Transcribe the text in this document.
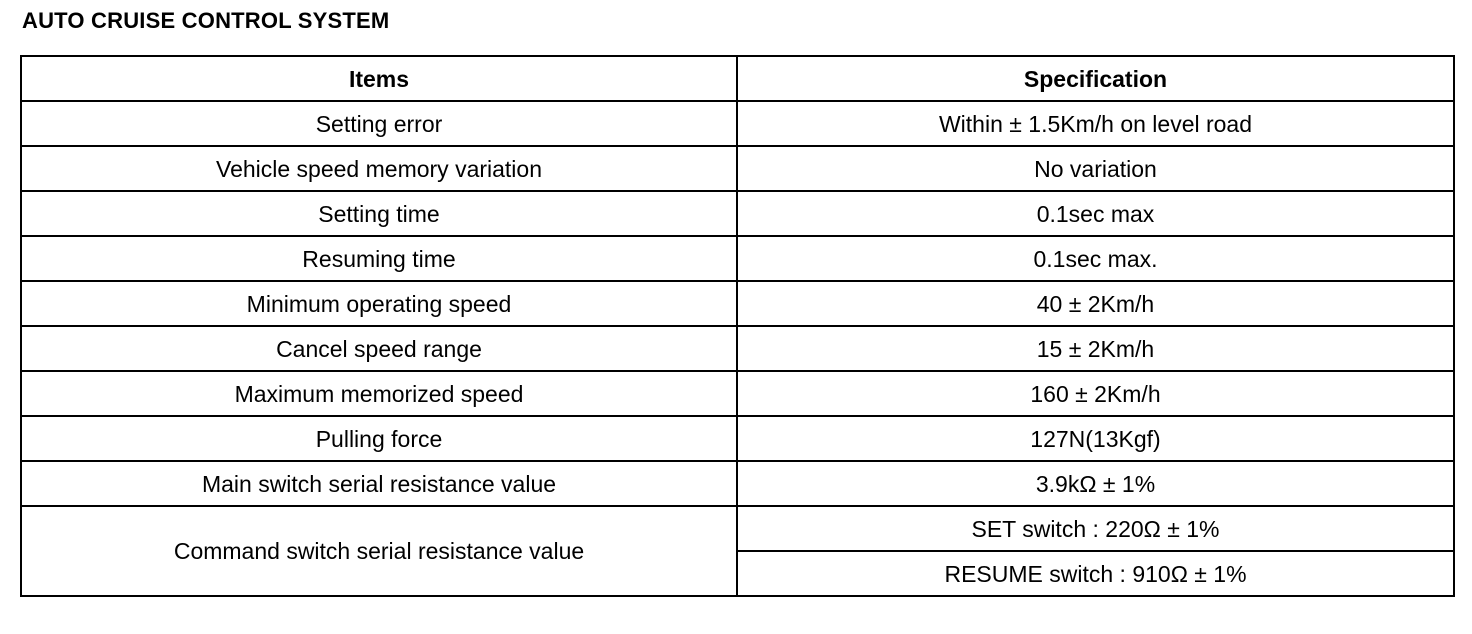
AUTO CRUISE CONTROL SYSTEM
Items	Specification
Setting error	Within ± 1.5Km/h on level road
Vehicle speed memory variation	No variation
Setting time	0.1sec max
Resuming time	0.1sec max.
Minimum operating speed	40 ± 2Km/h
Cancel speed range	15 ± 2Km/h
Maximum memorized speed	160 ± 2Km/h
Pulling force	127N(13Kgf)
Main switch serial resistance value	3.9kΩ ± 1%
Command switch serial resistance value	SET switch : 220Ω ± 1%
	RESUME switch : 910Ω ± 1%
